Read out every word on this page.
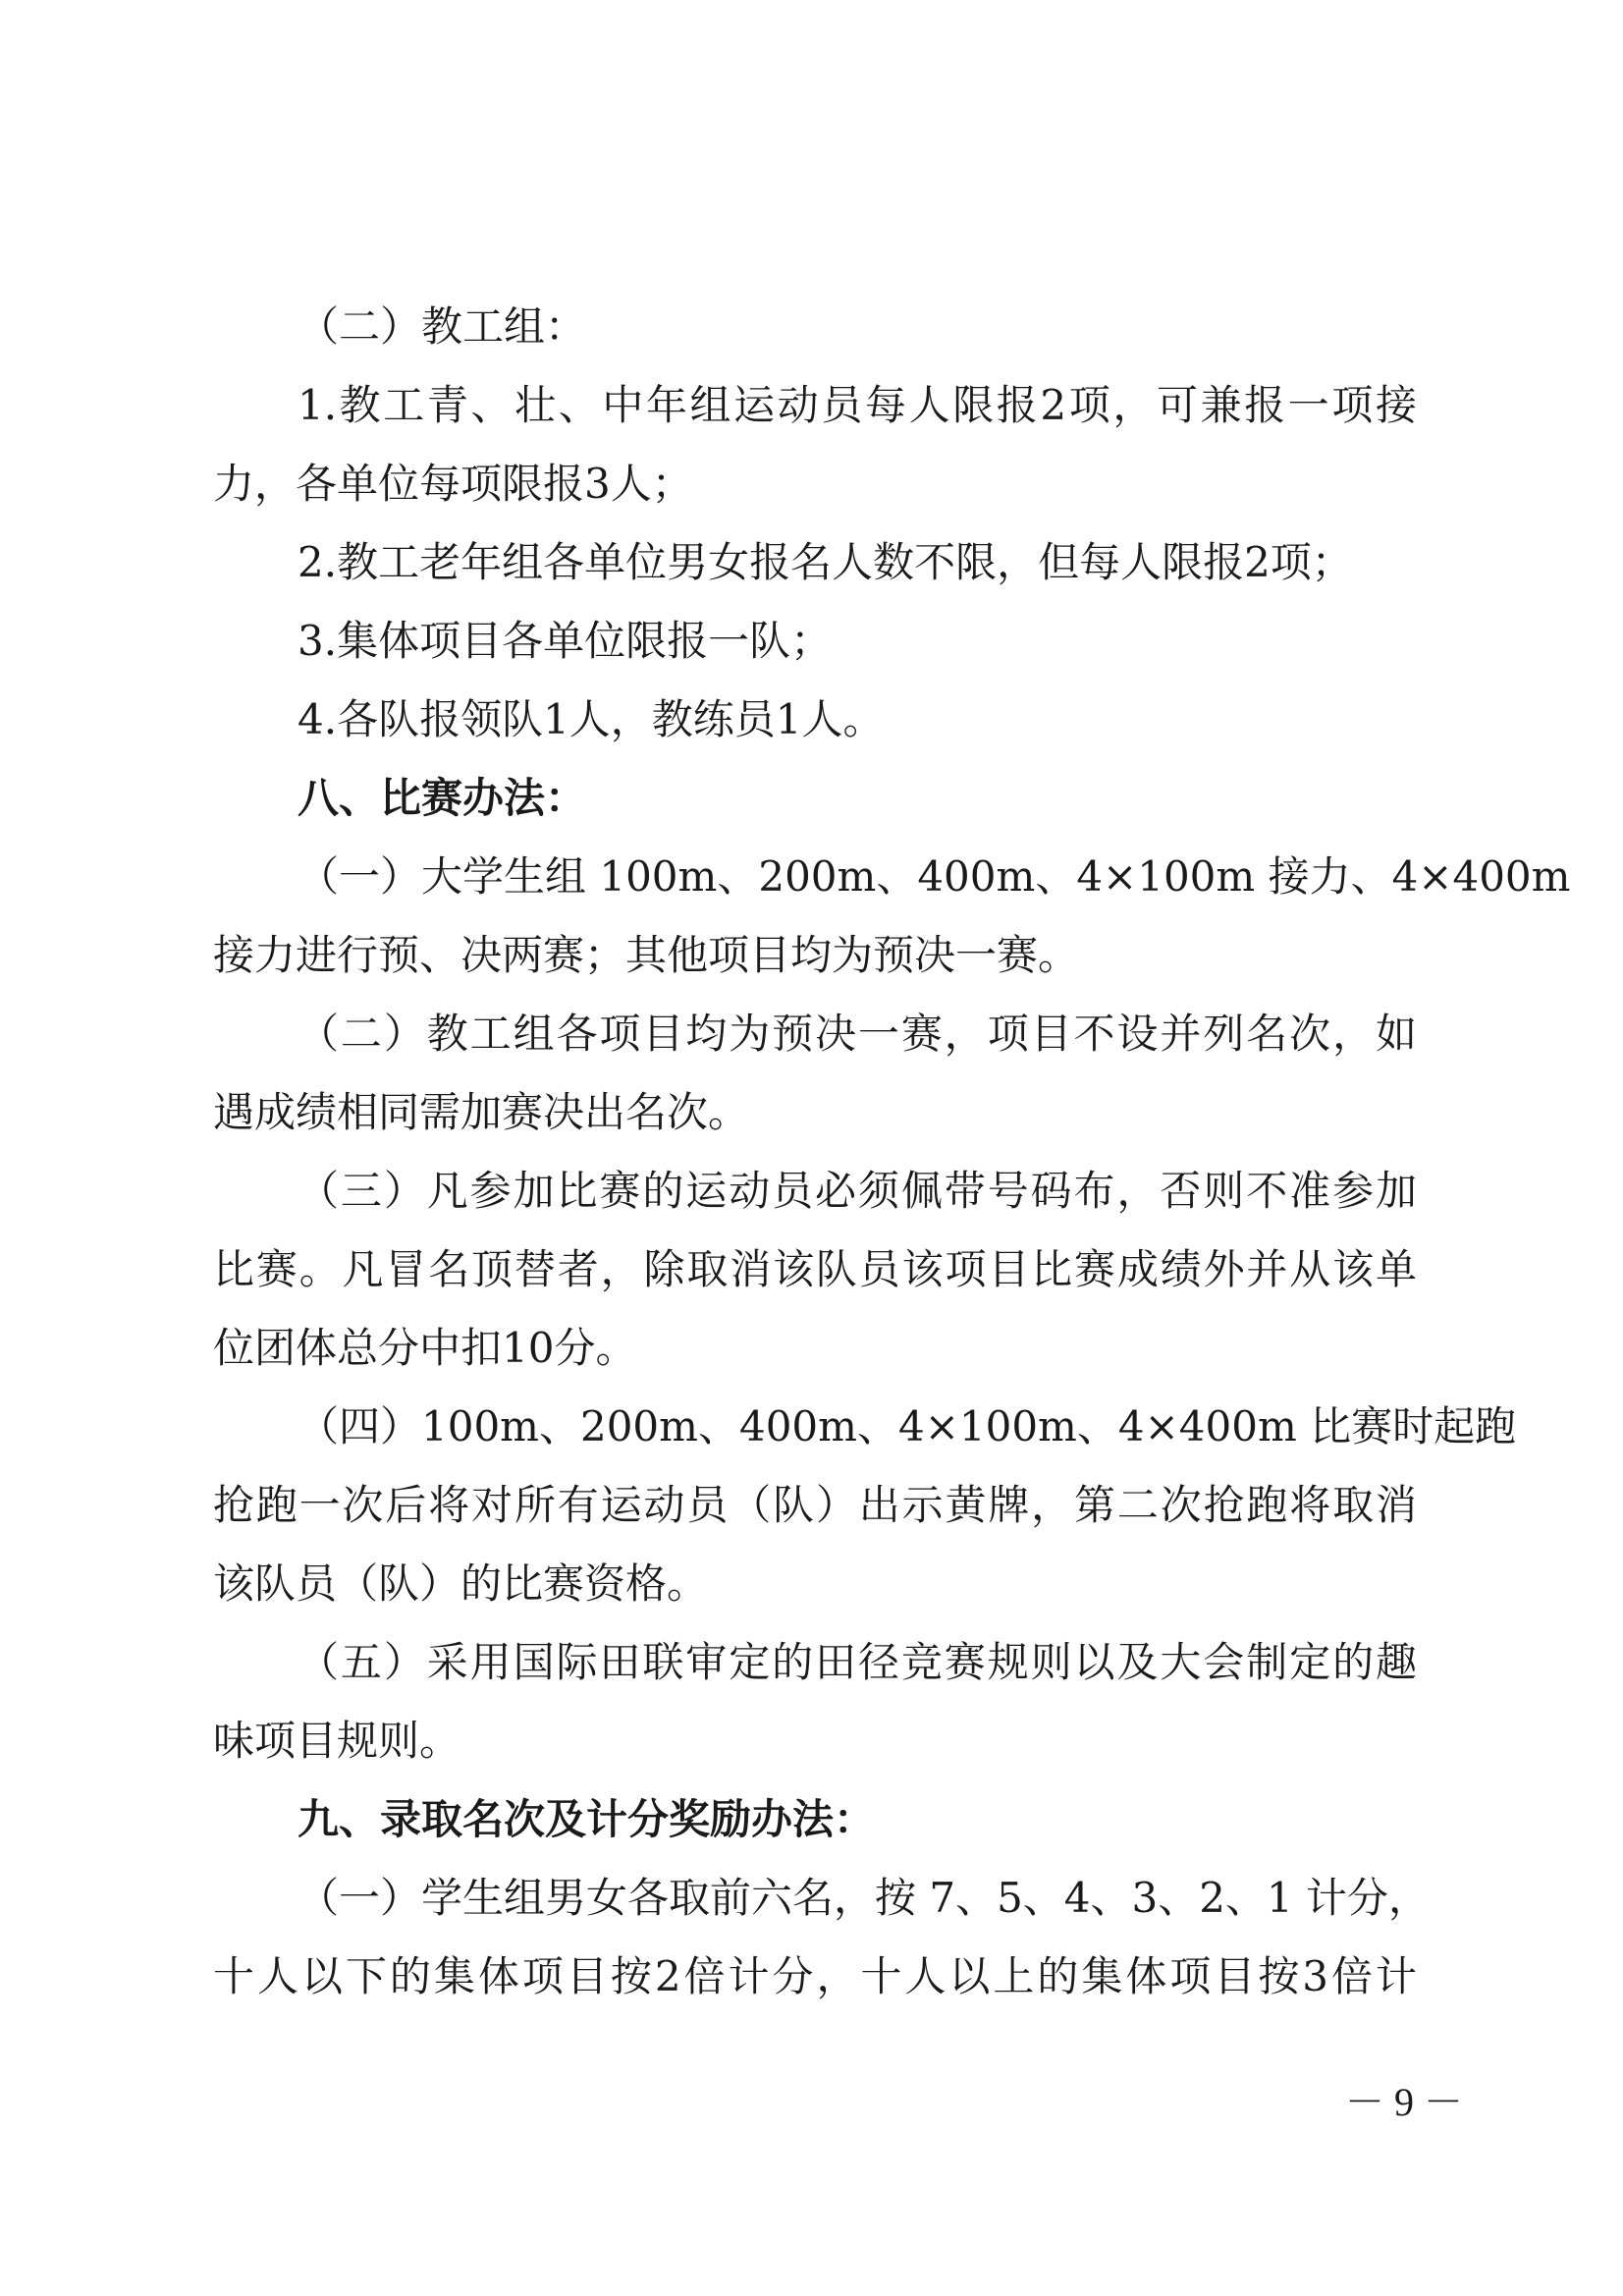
（二）教工组：
1.教工青、壮、中年组运动员每人限报2项，可兼报一项接
力，各单位每项限报3人；
2.教工老年组各单位男女报名人数不限，但每人限报2项；
3.集体项目各单位限报一队；
4.各队报领队1人，教练员1人。
八、比赛办法：
（一）大学生组 100m、200m、400m、4×100m 接力、4×400m
接力进行预、决两赛；其他项目均为预决一赛。
（二）教工组各项目均为预决一赛，项目不设并列名次，如
遇成绩相同需加赛决出名次。
（三）凡参加比赛的运动员必须佩带号码布，否则不准参加
比赛。凡冒名顶替者，除取消该队员该项目比赛成绩外并从该单
位团体总分中扣10分。
（四）100m、200m、400m、4×100m、4×400m 比赛时起跑
抢跑一次后将对所有运动员（队）出示黄牌，第二次抢跑将取消
该队员（队）的比赛资格。
（五）采用国际田联审定的田径竞赛规则以及大会制定的趣
味项目规则。
九、录取名次及计分奖励办法：
（一）学生组男女各取前六名，按 7、5、4、3、2、1 计分，
十人以下的集体项目按2倍计分，十人以上的集体项目按3倍计
－ 9 －
